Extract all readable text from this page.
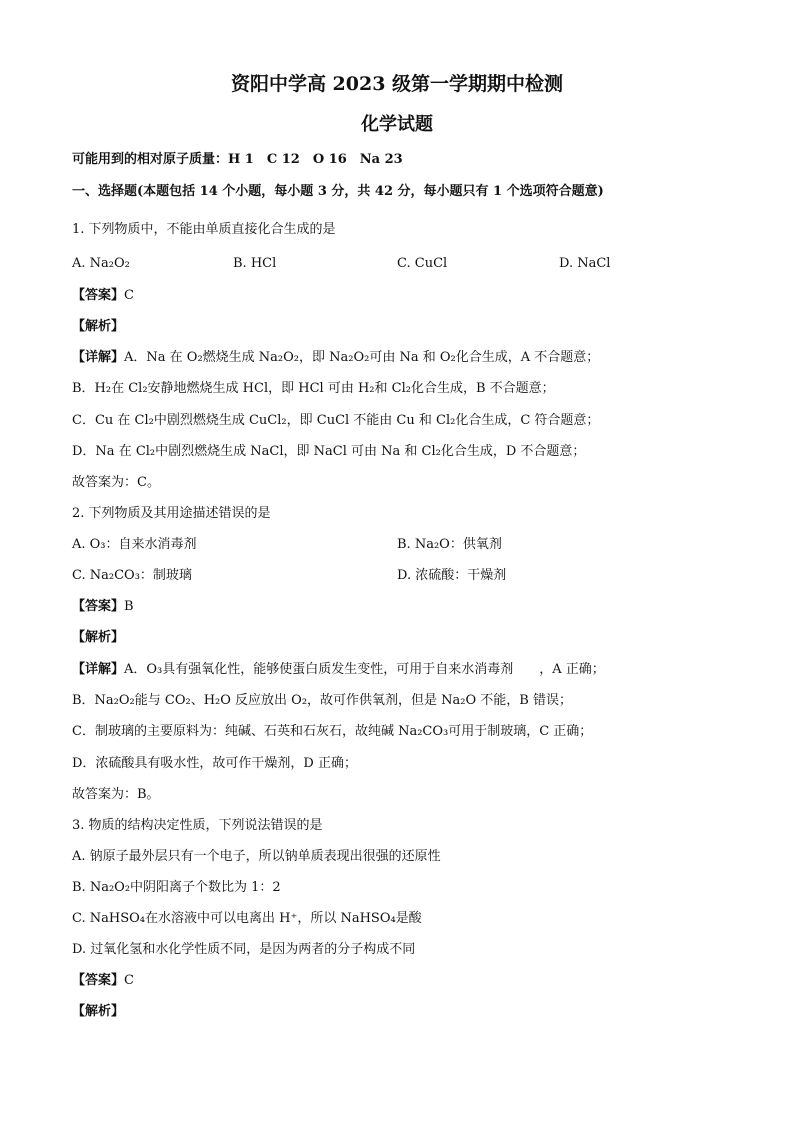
资阳中学高 2023 级第一学期期中检测
化学试题
可能用到的相对原子质量：H 1　C 12　O 16　Na 23
一、选择题(本题包括 14 个小题，每小题 3 分，共 42 分，每小题只有 1 个选项符合题意)
1. 下列物质中，不能由单质直接化合生成的是
A. Na₂O₂	B. HCl	C. CuCl	D. NaCl
【答案】C
【解析】
【详解】A．Na 在 O₂燃烧生成 Na₂O₂，即 Na₂O₂可由 Na 和 O₂化合生成，A 不合题意；
B．H₂在 Cl₂安静地燃烧生成 HCl，即 HCl 可由 H₂和 Cl₂化合生成，B 不合题意；
C．Cu 在 Cl₂中剧烈燃烧生成 CuCl₂，即 CuCl 不能由 Cu 和 Cl₂化合生成，C 符合题意；
D．Na 在 Cl₂中剧烈燃烧生成 NaCl，即 NaCl 可由 Na 和 Cl₂化合生成，D 不合题意；
故答案为：C。
2. 下列物质及其用途描述错误的是
A. O₃：自来水消毒剂	B. Na₂O：供氧剂
C. Na₂CO₃：制玻璃	D. 浓硫酸：干燥剂
【答案】B
【解析】
【详解】A．O₃具有强氧化性，能够使蛋白质发生变性，可用于自来水消毒剂　　，A 正确；
B．Na₂O₂能与 CO₂、H₂O 反应放出 O₂，故可作供氧剂，但是 Na₂O 不能，B 错误；
C．制玻璃的主要原料为：纯碱、石英和石灰石，故纯碱 Na₂CO₃可用于制玻璃，C 正确；
D．浓硫酸具有吸水性，故可作干燥剂，D 正确；
故答案为：B。
3. 物质的结构决定性质，下列说法错误的是
A. 钠原子最外层只有一个电子，所以钠单质表现出很强的还原性
B. Na₂O₂中阴阳离子个数比为 1：2
C. NaHSO₄在水溶液中可以电离出 H⁺，所以 NaHSO₄是酸
D. 过氧化氢和水化学性质不同，是因为两者的分子构成不同
【答案】C
【解析】
